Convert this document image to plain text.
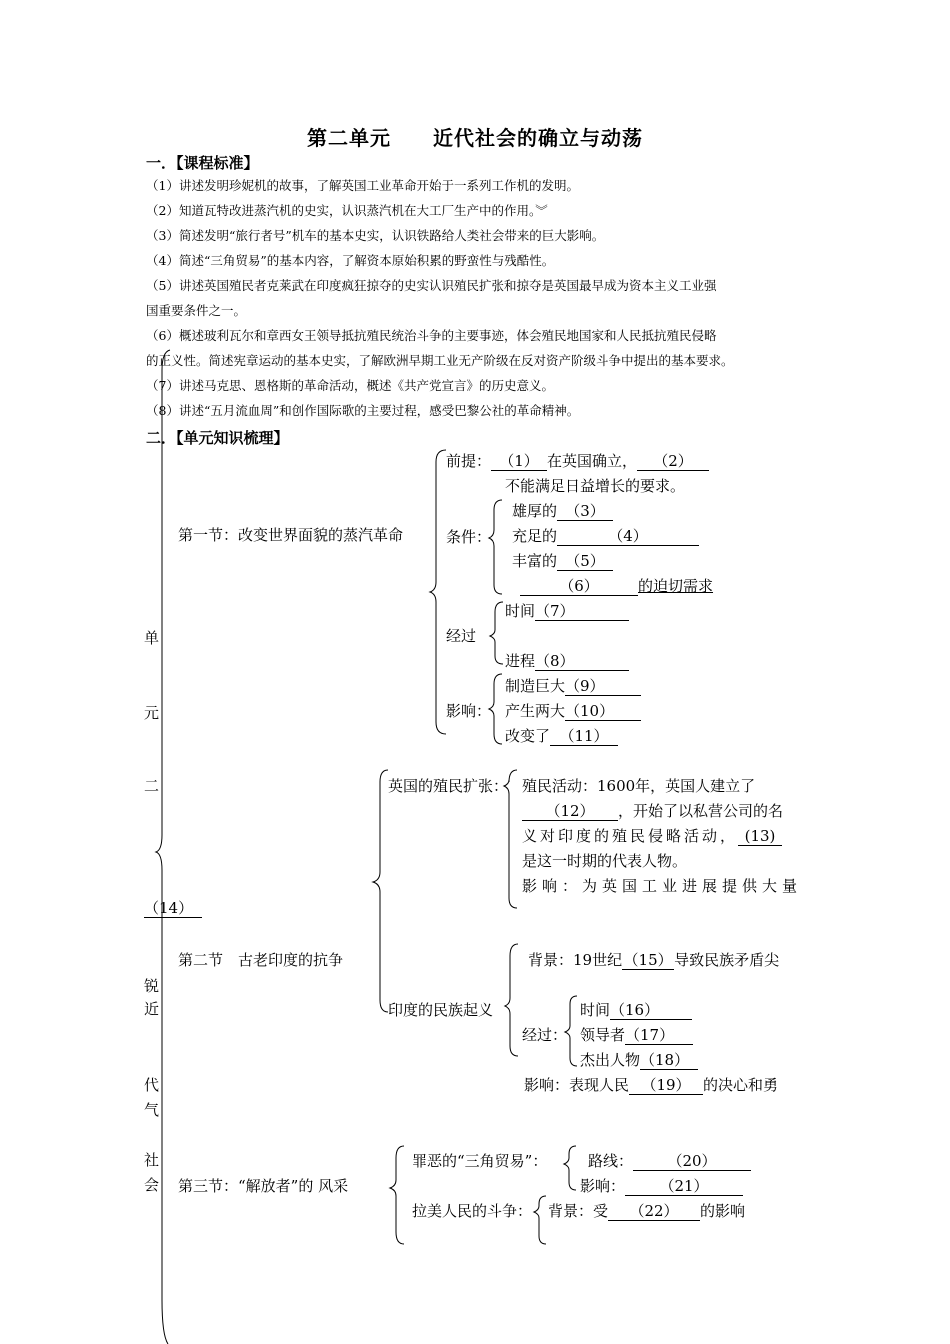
第二单元　　近代社会的确立与动荡
一．【课程标准】
（1）讲述发明珍妮机的故事，了解英国工业革命开始于一系列工作机的发明。
（2）知道瓦特改进蒸汽机的史实，认识蒸汽机在大工厂生产中的作用。︾
（3）简述发明“旅行者号”机车的基本史实，认识铁路给人类社会带来的巨大影响。
（4）简述“三角贸易”的基本内容，了解资本原始积累的野蛮性与残酷性。
（5）讲述英国殖民者克莱武在印度疯狂掠夺的史实认识殖民扩张和掠夺是英国最早成为资本主义工业强
国重要条件之一。
（6）概述玻利瓦尔和章西女王领导抵抗殖民统治斗争的主要事迹，体会殖民地国家和人民抵抗殖民侵略
的正义性。简述宪章运动的基本史实，了解欧洲早期工业无产阶级在反对资产阶级斗争中提出的基本要求。
（7）讲述马克思、恩格斯的革命活动，概述《共产党宣言》的历史意义。
（8）讲述“五月流血周”和创作国际歌的主要过程，感受巴黎公社的革命精神。
二．【单元知识梳理】
单
元
二
（14）
锐
近
代
气
社
会
第一节：改变世界面貌的蒸汽革命
前提： （1） 在英国确立， （2）
不能满足日益增长的要求。
条件：
雄厚的 （3）
充足的	（4）
丰富的 （5）
（6）	的迫切需求
经过
时间（7）
进程（8）
影响：
制造巨大（9）
产生两大（10）
改变了 （11）
第二节　古老印度的抗争
英国的殖民扩张： 殖民活动：1600年，英国人建立了
（12） ，开始了以私营公司的名
义对印度的殖民侵略活动， (13)
是这一时期的代表人物。
影响：为英国工业进展提供大量
印度的民族起义
背景：19世纪（15）导致民族矛盾尖
经过：
时间（16）
领导者（17）
杰出人物（18）
影响：表现人民 （19） 的决心和勇
第三节：“解放者”的 风采
罪恶的“三角贸易”：	路线： （20）
影响： （21）
拉美人民的斗争： 背景：受 （22） 的影响
